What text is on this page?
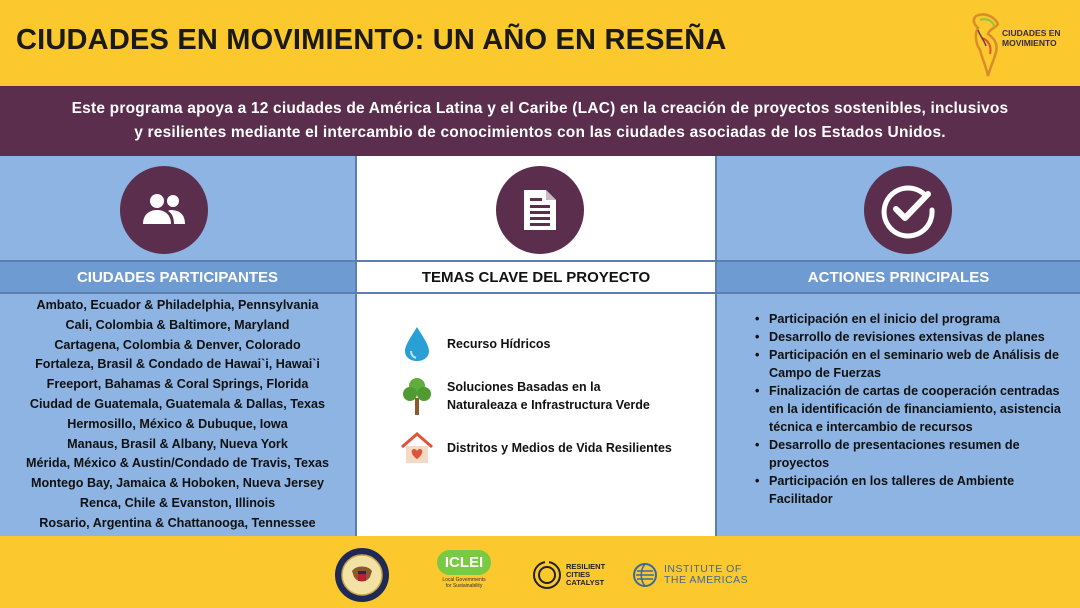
CIUDADES EN MOVIMIENTO: UN AÑO EN RESEÑA	CIUDADES EN
MOVIMIENTO
Este programa apoya a 12 ciudades de América Latina y el Caribe (LAC) en la creación de proyectos sostenibles, inclusivos
y resilientes mediante el intercambio de conocimientos con las ciudades asociadas de los Estados Unidos.
CIUDADES PARTICIPANTES
Ambato, Ecuador & Philadelphia, Pennsylvania
Cali, Colombia & Baltimore, Maryland
Cartagena, Colombia & Denver, Colorado
Fortaleza, Brasil & Condado de Hawai`i, Hawai`i
Freeport, Bahamas & Coral Springs, Florida
Ciudad de Guatemala, Guatemala & Dallas, Texas
Hermosillo, México & Dubuque, Iowa
Manaus, Brasil & Albany, Nueva York
Mérida, México & Austin/Condado de Travis, Texas
Montego Bay, Jamaica & Hoboken, Nueva Jersey
Renca, Chile & Evanston, Illinois
Rosario, Argentina & Chattanooga, Tennessee
TEMAS CLAVE DEL PROYECTO
Recurso Hídricos
Soluciones Basadas en la
Naturaleaza e Infrastructura Verde
Distritos y Medios de Vida Resilientes
ACTIONES PRINCIPALES
• Participación en el inicio del programa
• Desarrollo de revisiones extensivas de planes
• Participación en el seminario web de Análisis de Campo de Fuerzas
• Finalización de cartas de cooperación centradas en la identificación de financiamiento, asistencia técnica e intercambio de recursos
• Desarrollo de presentaciones resumen de proyectos
• Participación en los talleres de Ambiente Facilitador
ICLEI
Local Governments
for Sustainability
RESILIENT
CITIES
CATALYST
INSTITUTE OF
THE AMERICAS
